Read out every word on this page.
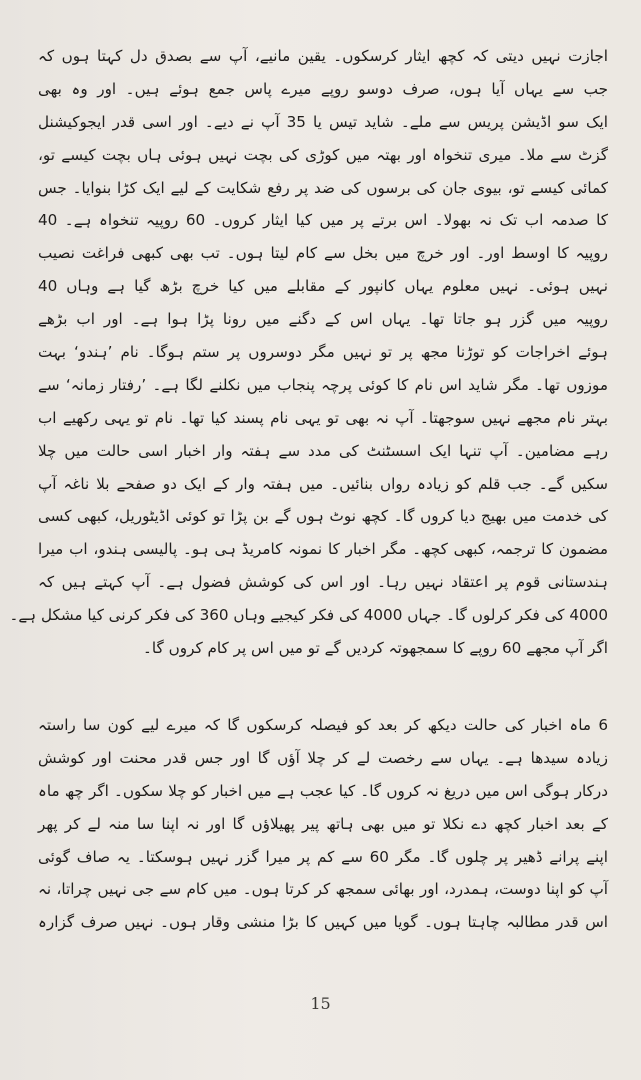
اجازت نہیں دیتی کہ کچھ ایثار کرسکوں۔ یقین مانیے، آپ سے بصدق دل کہتا ہوں کہ
جب سے یہاں آیا ہوں، صرف دوسو روپے میرے پاس جمع ہوئے ہیں۔ اور وہ بھی
ایک سو اڈیشن پریس سے ملے۔ شاید تیس یا 35 آپ نے دیے۔ اور اسی قدر ایجوکیشنل
گزٹ سے ملا۔ میری تنخواہ اور بھتہ میں کوڑی کی بچت نہیں ہوئی ہاں بچت کیسے تو،
کمائی کیسے تو، بیوی جان کی برسوں کی ضد پر رفع شکایت کے لیے ایک کڑا بنوایا۔ جس
کا صدمہ اب تک نہ بھولا۔ اس برتے پر میں کیا ایثار کروں۔ 60 روپیہ تنخواہ ہے۔ 40
روپیہ کا اوسط اور۔ اور خرچ میں بخل سے کام لیتا ہوں۔ تب بھی کبھی فراغت نصیب
نہیں ہوئی۔ نہیں معلوم یہاں کانپور کے مقابلے میں کیا خرچ بڑھ گیا ہے وہاں 40
روپیہ میں گزر ہو جاتا تھا۔ یہاں اس کے دگنے میں رونا پڑا ہوا ہے۔ اور اب بڑھے
ہوئے اخراجات کو توڑنا مجھ پر تو نہیں مگر دوسروں پر ستم ہوگا۔ نام ’ہندو‘ بہت
موزوں تھا۔ مگر شاید اس نام کا کوئی پرچہ پنجاب میں نکلنے لگا ہے۔ ’رفتار زمانہ‘ سے
بہتر نام مجھے نہیں سوجھتا۔ آپ نہ بھی تو یہی نام پسند کیا تھا۔ نام تو یہی رکھیے اب
رہے مضامین۔ آپ تنہا ایک اسسٹنٹ کی مدد سے ہفتہ وار اخبار اسی حالت میں چلا
سکیں گے۔ جب قلم کو زیادہ رواں بنائیں۔ میں ہفتہ وار کے ایک دو صفحے بلا ناغہ آپ
کی خدمت میں بھیج دیا کروں گا۔ کچھ نوٹ ہوں گے بن پڑا تو کوئی اڈیٹوریل، کبھی کسی
مضمون کا ترجمہ، کبھی کچھ۔ مگر اخبار کا نمونہ کامریڈ ہی ہو۔ پالیسی ہندو، اب میرا
ہندستانی قوم پر اعتقاد نہیں رہا۔ اور اس کی کوشش فضول ہے۔ آپ کہتے ہیں کہ
4000 کی فکر کرلوں گا۔ جہاں 4000 کی فکر کیجیے وہاں 360 کی فکر کرنی کیا مشکل ہے۔
اگر آپ مجھے 60 روپے کا سمجھوتہ کردیں گے تو میں اس پر کام کروں گا۔
6 ماہ اخبار کی حالت دیکھ کر بعد کو فیصلہ کرسکوں گا کہ میرے لیے کون سا راستہ
زیادہ سیدھا ہے۔ یہاں سے رخصت لے کر چلا آؤں گا اور جس قدر محنت اور کوشش
درکار ہوگی اس میں دریغ نہ کروں گا۔ کیا عجب ہے میں اخبار کو چلا سکوں۔ اگر چھ ماہ
کے بعد اخبار کچھ دے نکلا تو میں بھی ہاتھ پیر پھیلاؤں گا اور نہ اپنا سا منہ لے کر پھر
اپنے پرانے ڈھیر پر چلوں گا۔ مگر 60 سے کم پر میرا گزر نہیں ہوسکتا۔ یہ صاف گوئی
آپ کو اپنا دوست، ہمدرد، اور بھائی سمجھ کر کرتا ہوں۔ میں کام سے جی نہیں چراتا، نہ
اس قدر مطالبہ چاہتا ہوں۔ گویا میں کہیں کا بڑا منشی وقار ہوں۔ نہیں صرف گزارہ
15
